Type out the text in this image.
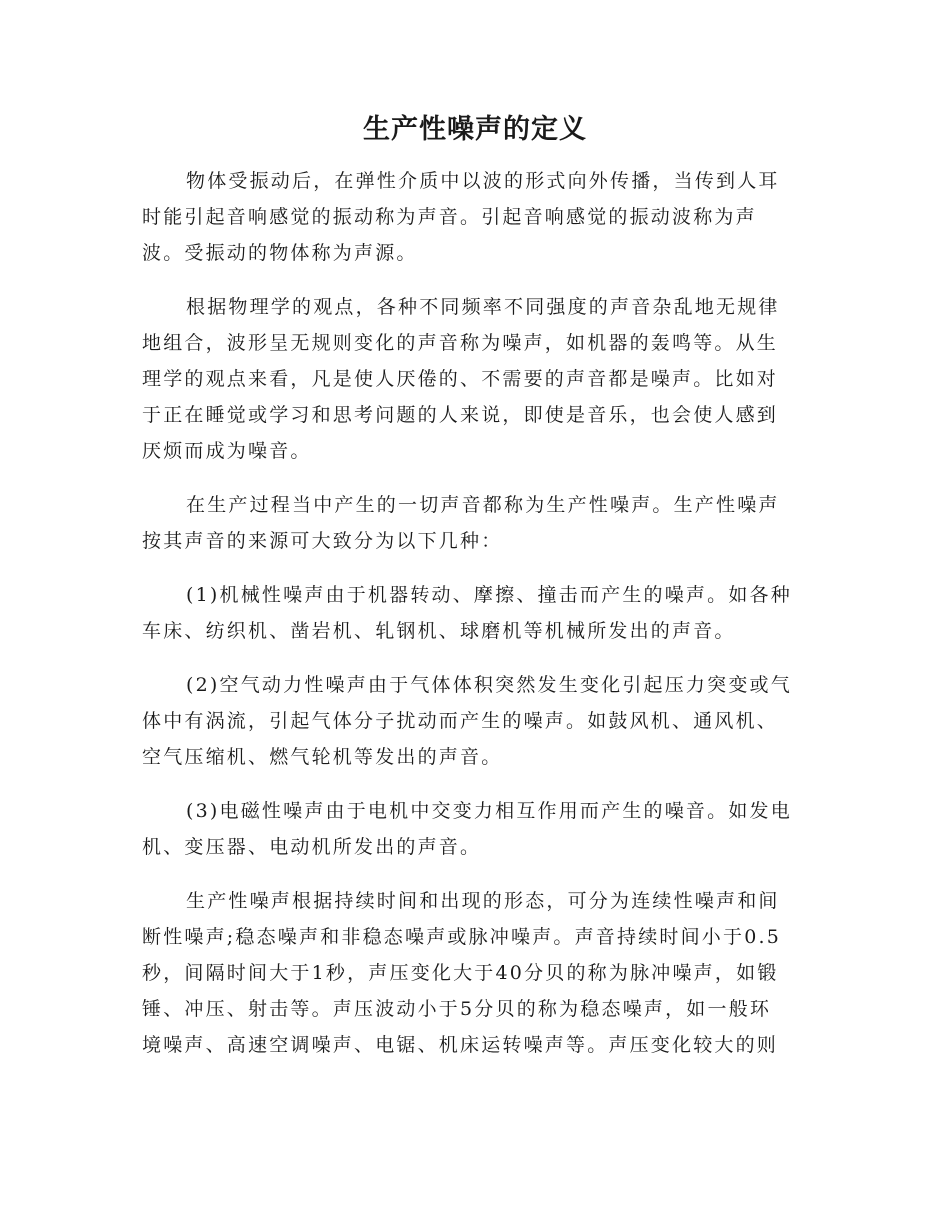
生产性噪声的定义

物体受振动后，在弹性介质中以波的形式向外传播，当传到人耳
时能引起音响感觉的振动称为声音。引起音响感觉的振动波称为声
波。受振动的物体称为声源。

根据物理学的观点，各种不同频率不同强度的声音杂乱地无规律
地组合，波形呈无规则变化的声音称为噪声，如机器的轰鸣等。从生
理学的观点来看，凡是使人厌倦的、不需要的声音都是噪声。比如对
于正在睡觉或学习和思考问题的人来说，即使是音乐，也会使人感到
厌烦而成为噪音。

在生产过程当中产生的一切声音都称为生产性噪声。生产性噪声
按其声音的来源可大致分为以下几种：

(1)机械性噪声由于机器转动、摩擦、撞击而产生的噪声。如各种
车床、纺织机、凿岩机、轧钢机、球磨机等机械所发出的声音。

(2)空气动力性噪声由于气体体积突然发生变化引起压力突变或气
体中有涡流，引起气体分子扰动而产生的噪声。如鼓风机、通风机、
空气压缩机、燃气轮机等发出的声音。

(3)电磁性噪声由于电机中交变力相互作用而产生的噪音。如发电
机、变压器、电动机所发出的声音。

生产性噪声根据持续时间和出现的形态，可分为连续性噪声和间
断性噪声;稳态噪声和非稳态噪声或脉冲噪声。声音持续时间小于0.5
秒，间隔时间大于1秒，声压变化大于40分贝的称为脉冲噪声，如锻
锤、冲压、射击等。声压波动小于5分贝的称为稳态噪声，如一般环
境噪声、高速空调噪声、电锯、机床运转噪声等。声压变化较大的则
